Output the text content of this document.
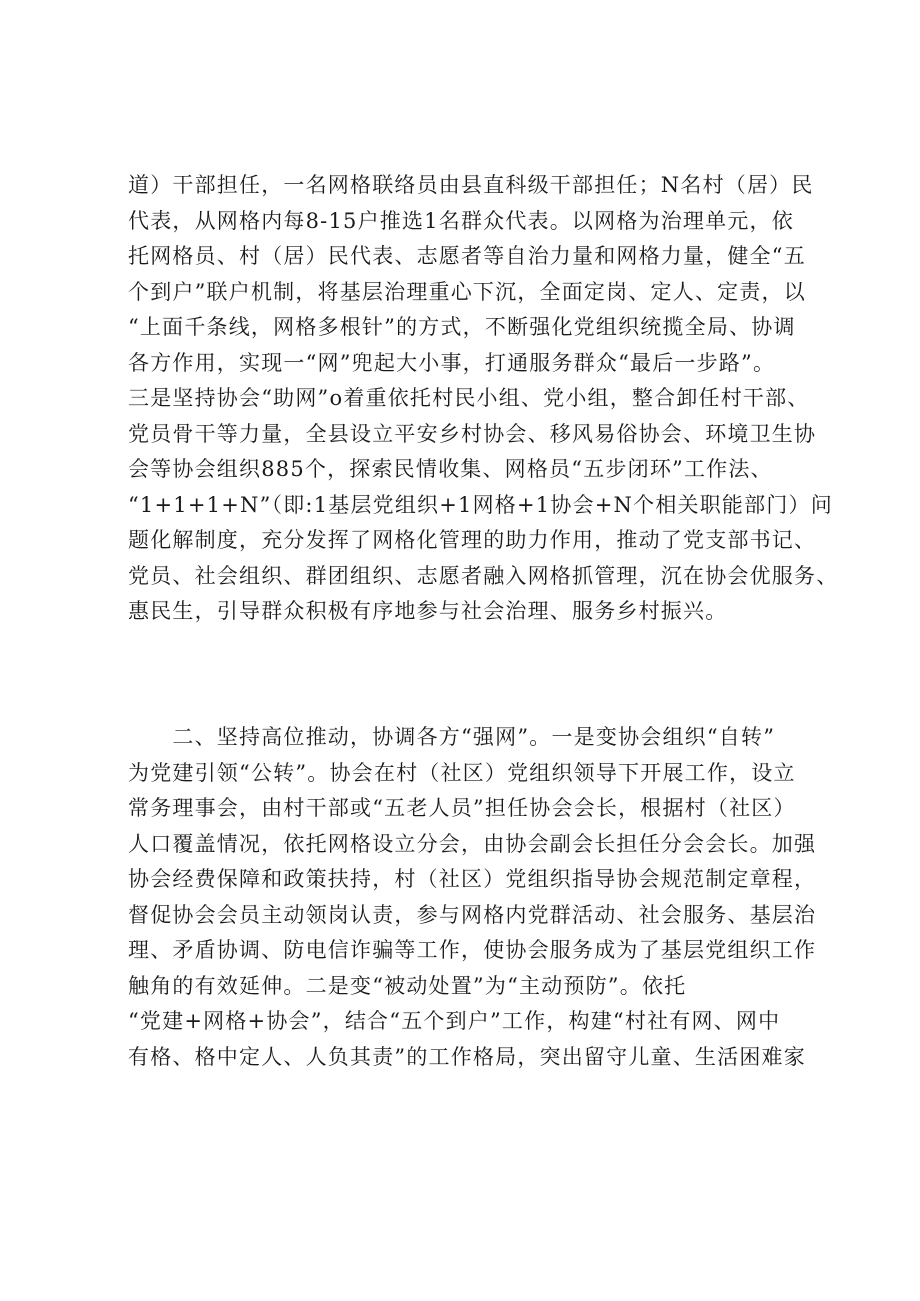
道）干部担任，一名网格联络员由县直科级干部担任；N名村（居）民
代表，从网格内每8-15户推选1名群众代表。以网格为治理单元，依
托网格员、村（居）民代表、志愿者等自治力量和网格力量，健全“五
个到户”联户机制，将基层治理重心下沉，全面定岗、定人、定责，以
“上面千条线，网格多根针”的方式，不断强化党组织统揽全局、协调
各方作用，实现一“网”兜起大小事，打通服务群众“最后一步路”。
三是坚持协会“助网”o着重依托村民小组、党小组，整合卸任村干部、
党员骨干等力量，全县设立平安乡村协会、移风易俗协会、环境卫生协
会等协会组织885个，探索民情收集、网格员“五步闭环”工作法、
“1+1+1+N”（即:1基层党组织+1网格+1协会+N个相关职能部门）问
题化解制度，充分发挥了网格化管理的助力作用，推动了党支部书记、
党员、社会组织、群团组织、志愿者融入网格抓管理，沉在协会优服务、
惠民生，引导群众积极有序地参与社会治理、服务乡村振兴。
　　二、坚持高位推动，协调各方“强网”。一是变协会组织“自转”
为党建引领“公转”。协会在村（社区）党组织领导下开展工作，设立
常务理事会，由村干部或“五老人员”担任协会会长，根据村（社区）
人口覆盖情况，依托网格设立分会，由协会副会长担任分会会长。加强
协会经费保障和政策扶持，村（社区）党组织指导协会规范制定章程，
督促协会会员主动领岗认责，参与网格内党群活动、社会服务、基层治
理、矛盾协调、防电信诈骗等工作，使协会服务成为了基层党组织工作
触角的有效延伸。二是变“被动处置”为“主动预防”。依托
“党建+网格+协会”，结合“五个到户”工作，构建“村社有网、网中
有格、格中定人、人负其责”的工作格局，突出留守儿童、生活困难家
